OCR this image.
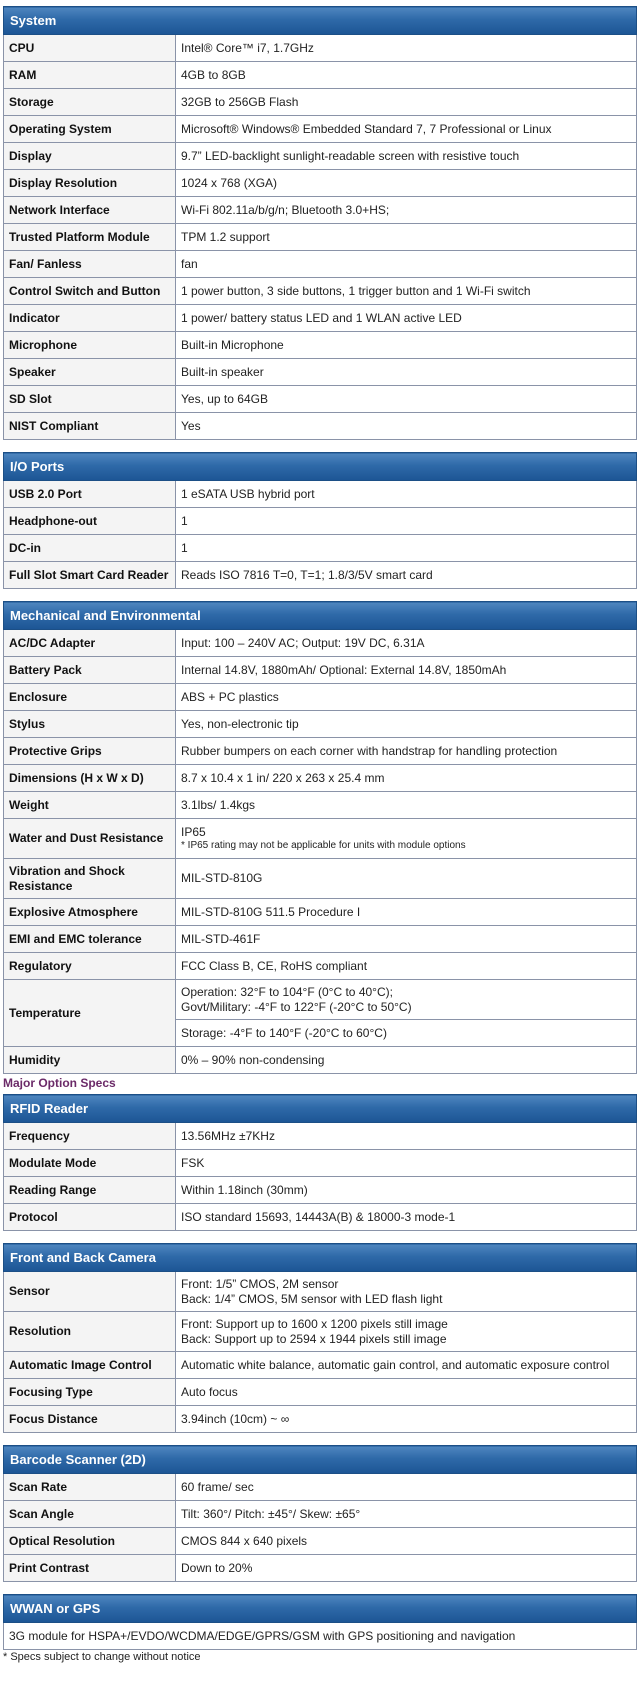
System	
CPU	Intel® Core™ i7, 1.7GHz
RAM	4GB to 8GB
Storage	32GB to 256GB Flash
Operating System	Microsoft® Windows® Embedded Standard 7, 7 Professional or Linux
Display	9.7” LED-backlight sunlight-readable screen with resistive touch
Display Resolution	1024 x 768 (XGA)
Network Interface	Wi-Fi 802.11a/b/g/n; Bluetooth 3.0+HS;
Trusted Platform Module	TPM 1.2 support
Fan/ Fanless	fan
Control Switch and Button	1 power button, 3 side buttons, 1 trigger button and 1 Wi-Fi switch
Indicator	1 power/ battery status LED and 1 WLAN active LED
Microphone	Built-in Microphone
Speaker	Built-in speaker
SD Slot	Yes, up to 64GB
NIST Compliant	Yes
I/O Ports	
USB 2.0 Port	1 eSATA USB hybrid port
Headphone-out	1
DC-in	1
Full Slot Smart Card Reader	Reads ISO 7816 T=0, T=1; 1.8/3/5V smart card
Mechanical and Environmental	
AC/DC Adapter	Input: 100 – 240V AC; Output: 19V DC, 6.31A
Battery Pack	Internal 14.8V, 1880mAh/ Optional: External 14.8V, 1850mAh
Enclosure	ABS + PC plastics
Stylus	Yes, non-electronic tip
Protective Grips	Rubber bumpers on each corner with handstrap for handling protection
Dimensions (H x W x D)	8.7 x 10.4 x 1 in/ 220 x 263 x 25.4 mm
Weight	3.1lbs/ 1.4kgs
Water and Dust Resistance	IP65
* IP65 rating may not be applicable for units with module options

Vibration and Shock Resistance	MIL-STD-810G
Explosive Atmosphere	MIL-STD-810G 511.5 Procedure I
EMI and EMC tolerance	MIL-STD-461F
Regulatory	FCC Class B, CE, RoHS compliant
Temperature	Operation: 32°F to 104°F (0°C to 40°C);
Govt/Military: -4°F to 122°F (-20°C to 50°C)

	Storage: -4°F to 140°F (-20°C to 60°C)
Humidity	0% – 90% non-condensing
Major Option Specs
RFID Reader	
Frequency	13.56MHz ±7KHz
Modulate Mode	FSK
Reading Range	Within 1.18inch (30mm)
Protocol	ISO standard 15693, 14443A(B) & 18000-3 mode-1
Front and Back Camera	
Sensor	Front: 1/5” CMOS, 2M sensor
Back: 1/4” CMOS, 5M sensor with LED flash light

Resolution	Front: Support up to 1600 x 1200 pixels still image
Back: Support up to 2594 x 1944 pixels still image

Automatic Image Control	Automatic white balance, automatic gain control, and automatic exposure control
Focusing Type	Auto focus
Focus Distance	3.94inch (10cm) ~ ∞
Barcode Scanner (2D)	
Scan Rate	60 frame/ sec
Scan Angle	Tilt: 360°/ Pitch: ±45°/ Skew: ±65°
Optical Resolution	CMOS 844 x 640 pixels
Print Contrast	Down to 20%
WWAN or GPS
3G module for HSPA+/EVDO/WCDMA/EDGE/GPRS/GSM with GPS positioning and navigation
* Specs subject to change without notice
